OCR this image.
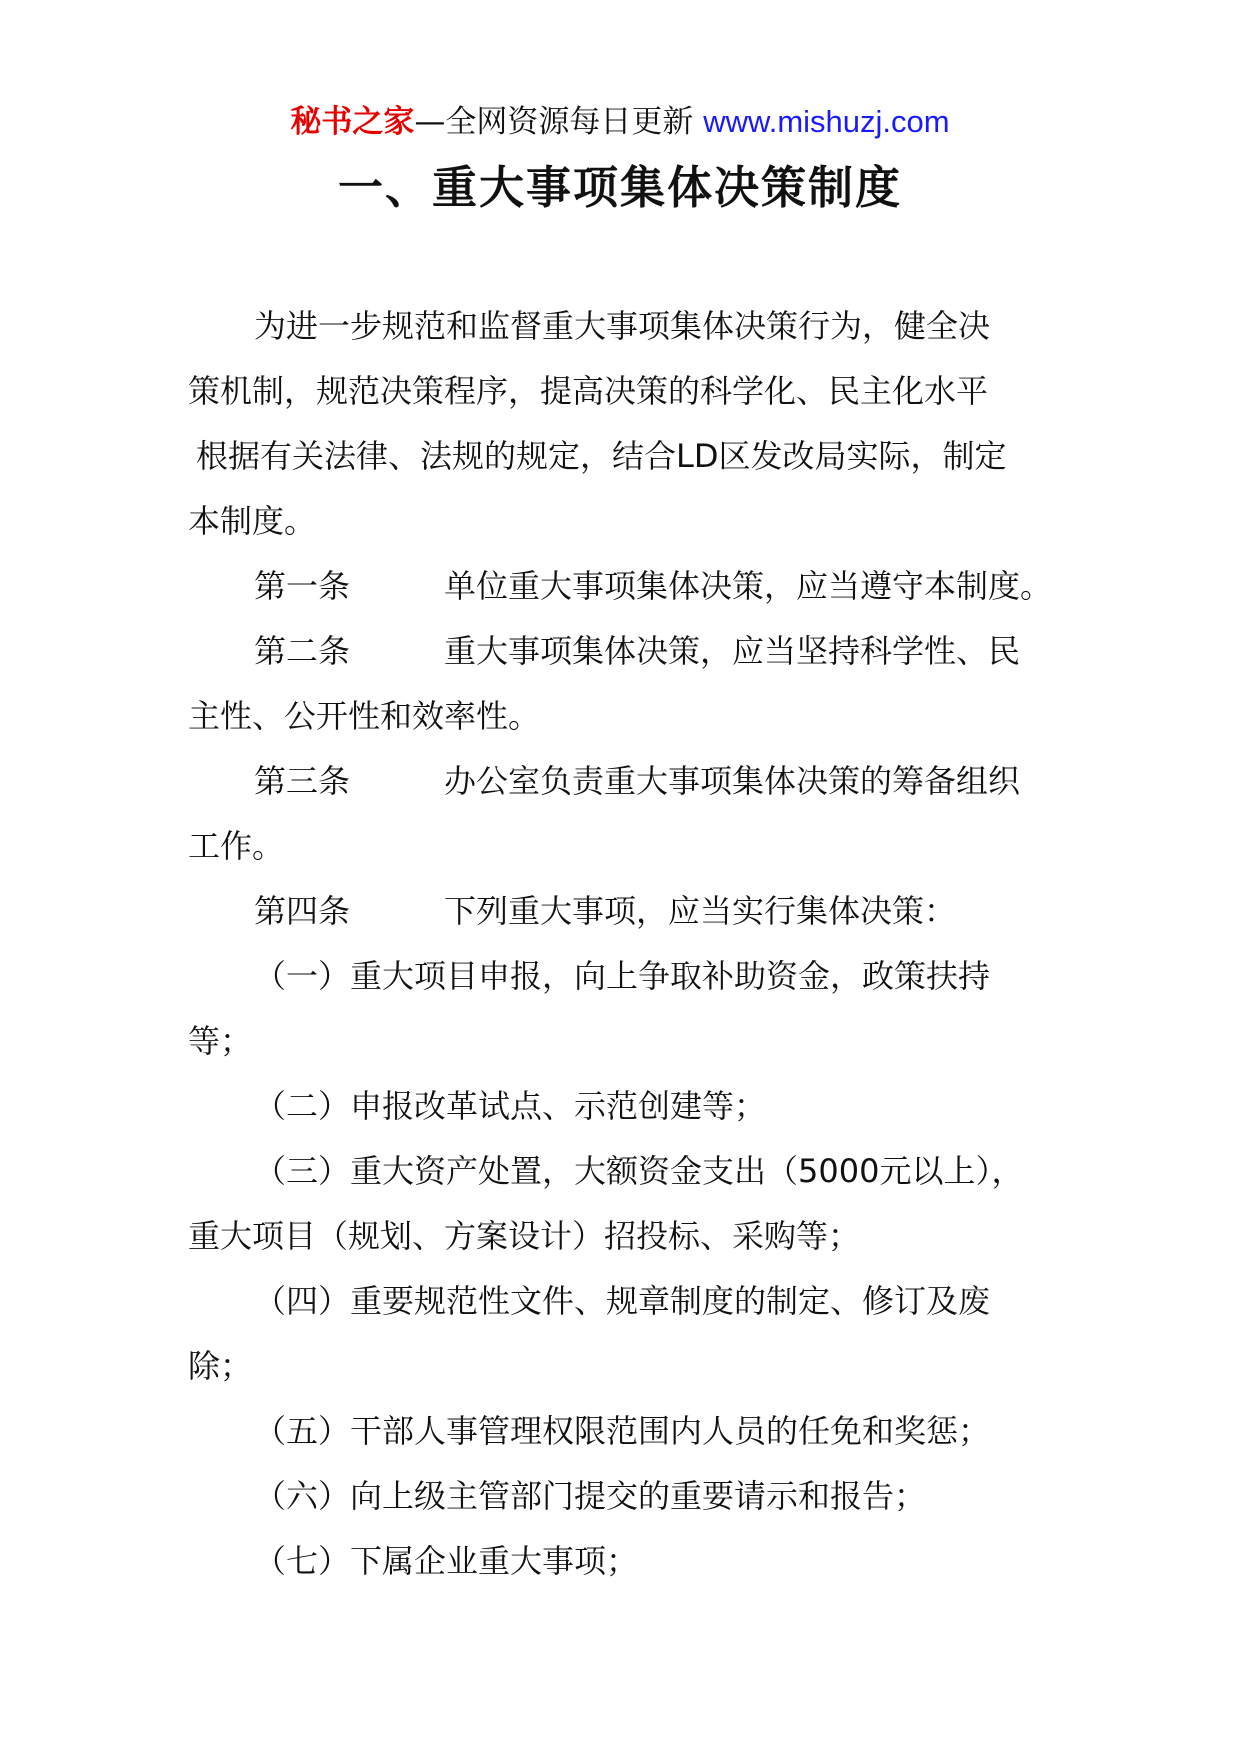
秘书之家—全网资源每日更新 www.mishuzj.com
一、重大事项集体决策制度
为进一步规范和监督重大事项集体决策行为，健全决
策机制，规范决策程序，提高决策的科学化、民主化水平
根据有关法律、法规的规定，结合LD区发改局实际，制定
本制度。
第一条	单位重大事项集体决策，应当遵守本制度。
第二条	重大事项集体决策，应当坚持科学性、民
主性、公开性和效率性。
第三条	办公室负责重大事项集体决策的筹备组织
工作。
第四条	下列重大事项，应当实行集体决策：
（一）重大项目申报，向上争取补助资金，政策扶持
等；
（二）申报改革试点、示范创建等；
（三）重大资产处置，大额资金支出（5000元以上），
重大项目（规划、方案设计）招投标、采购等；
（四）重要规范性文件、规章制度的制定、修订及废
除；
（五）干部人事管理权限范围内人员的任免和奖惩；
（六）向上级主管部门提交的重要请示和报告；
（七）下属企业重大事项；
